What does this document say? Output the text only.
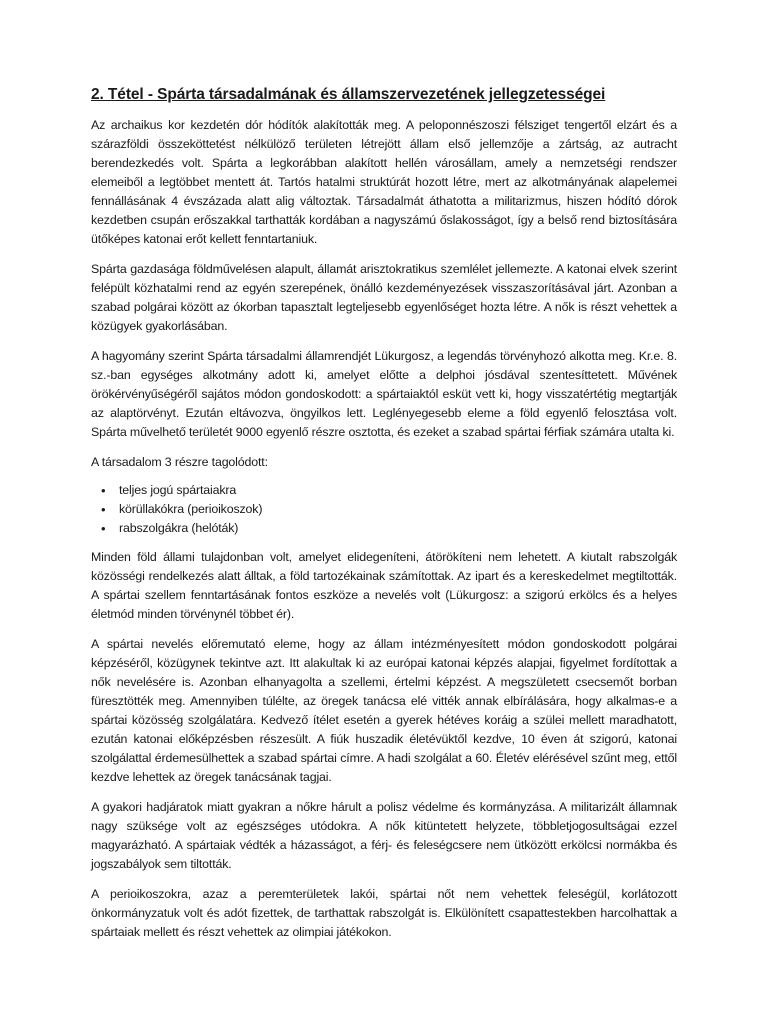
2. Tétel - Spárta társadalmának és államszervezetének jellegzetességei

Az archaikus kor kezdetén dór hódítók alakították meg. A peloponnészoszi félsziget tengertől elzárt és a szárazföldi összeköttetést nélkülöző területen létrejött állam első jellemzője a zártság, az autracht berendezkedés volt. Spárta a legkorábban alakított hellén városállam, amely a nemzetségi rendszer elemeiből a legtöbbet mentett át. Tartós hatalmi struktúrát hozott létre, mert az alkotmányának alapelemei fennállásának 4 évszázada alatt alig változtak. Társadalmát áthatotta a militarizmus, hiszen hódító dórok kezdetben csupán erőszakkal tarthatták kordában a nagyszámú őslakosságot, így a belső rend biztosítására ütőképes katonai erőt kellett fenntartaniuk.

Spárta gazdasága földművelésen alapult, államát arisztokratikus szemlélet jellemezte. A katonai elvek szerint felépült közhatalmi rend az egyén szerepének, önálló kezdeményezések visszaszorításával járt. Azonban a szabad polgárai között az ókorban tapasztalt legteljesebb egyenlőséget hozta létre. A nők is részt vehettek a közügyek gyakorlásában.

A hagyomány szerint Spárta társadalmi államrendjét Lükurgosz, a legendás törvényhozó alkotta meg. Kr.e. 8. sz.-ban egységes alkotmány adott ki, amelyet előtte a delphoi jósdával szentesíttetett. Művének örökérvényűségéről sajátos módon gondoskodott: a spártaiaktól esküt vett ki, hogy visszatértétig megtartják az alaptörvényt. Ezután eltávozva, öngyilkos lett. Leglényegesebb eleme a föld egyenlő felosztása volt. Spárta művelhető területét 9000 egyenlő részre osztotta, és ezeket a szabad spártai férfiak számára utalta ki.

A társadalom 3 részre tagolódott:

• teljes jogú spártaiakra
• körüllakókra (perioikoszok)
• rabszolgákra (helóták)

Minden föld állami tulajdonban volt, amelyet elidegeníteni, átörökíteni nem lehetett. A kiutalt rabszolgák közösségi rendelkezés alatt álltak, a föld tartozékainak számítottak. Az ipart és a kereskedelmet megtiltották. A spártai szellem fenntartásának fontos eszköze a nevelés volt (Lükurgosz: a szigorú erkölcs és a helyes életmód minden törvénynél többet ér).

A spártai nevelés előremutató eleme, hogy az állam intézményesített módon gondoskodott polgárai képzéséről, közügynek tekintve azt. Itt alakultak ki az európai katonai képzés alapjai, figyelmet fordítottak a nők nevelésére is. Azonban elhanyagolta a szellemi, értelmi képzést. A megszületett csecsemőt borban füresztötték meg. Amennyiben túlélte, az öregek tanácsa elé vitték annak elbírálására, hogy alkalmas-e a spártai közösség szolgálatára. Kedvező ítélet esetén a gyerek hétéves koráig a szülei mellett maradhatott, ezután katonai előképzésben részesült. A fiúk huszadik életévüktől kezdve, 10 éven át szigorú, katonai szolgálattal érdemesülhettek a szabad spártai címre. A hadi szolgálat a 60. Életév elérésével szűnt meg, ettől kezdve lehettek az öregek tanácsának tagjai.

A gyakori hadjáratok miatt gyakran a nőkre hárult a polisz védelme és kormányzása. A militarizált államnak nagy szüksége volt az egészséges utódokra. A nők kitüntetett helyzete, többletjogosultságai ezzel magyarázható. A spártaiak védték a házasságot, a férj- és feleségcsere nem ütközött erkölcsi normákba és jogszabályok sem tiltották.

A perioikoszokra, azaz a peremterületek lakói, spártai nőt nem vehettek feleségül, korlátozott önkormányzatuk volt és adót fizettek, de tarthattak rabszolgát is. Elkülönített csapattestekben harcolhattak a spártaiak mellett és részt vehettek az olimpiai játékokon.
